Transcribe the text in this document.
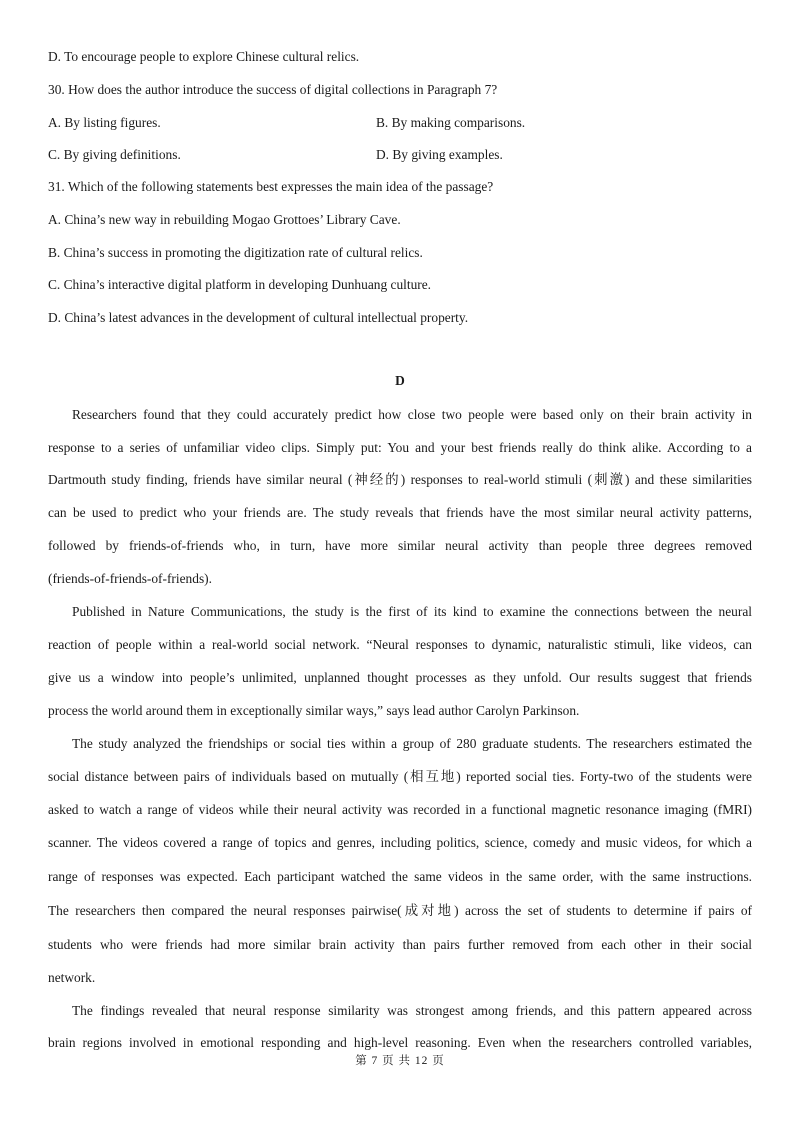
D. To encourage people to explore Chinese cultural relics.
30. How does the author introduce the success of digital collections in Paragraph 7?
A. By listing figures.	B. By making comparisons.
C. By giving definitions.	D. By giving examples.
31. Which of the following statements best expresses the main idea of the passage?
A. China’s new way in rebuilding Mogao Grottoes’ Library Cave.
B. China’s success in promoting the digitization rate of cultural relics.
C. China’s interactive digital platform in developing Dunhuang culture.
D. China’s latest advances in the development of cultural intellectual property.
D
Researchers found that they could accurately predict how close two people were based only on their brain activity in
response to a series of unfamiliar video clips. Simply put: You and your best friends really do think alike. According to a
Dartmouth study finding, friends have similar neural (神经的) responses to real-world stimuli (刺激) and these similarities
can be used to predict who your friends are. The study reveals that friends have the most similar neural activity patterns,
followed by friends-of-friends who, in turn, have more similar neural activity than people three degrees removed
(friends-of-friends-of-friends).
Published in Nature Communications, the study is the first of its kind to examine the connections between the neural
reaction of people within a real-world social network. “Neural responses to dynamic, naturalistic stimuli, like videos, can
give us a window into people’s unlimited, unplanned thought processes as they unfold. Our results suggest that friends
process the world around them in exceptionally similar ways,” says lead author Carolyn Parkinson.
The study analyzed the friendships or social ties within a group of 280 graduate students. The researchers estimated the
social distance between pairs of individuals based on mutually (相互地) reported social ties. Forty-two of the students were
asked to watch a range of videos while their neural activity was recorded in a functional magnetic resonance imaging (fMRI)
scanner. The videos covered a range of topics and genres, including politics, science, comedy and music videos, for which a
range of responses was expected. Each participant watched the same videos in the same order, with the same instructions.
The researchers then compared the neural responses pairwise(成对地) across the set of students to determine if pairs of
students who were friends had more similar brain activity than pairs further removed from each other in their social
network.
The findings revealed that neural response similarity was strongest among friends, and this pattern appeared across
brain regions involved in emotional responding and high-level reasoning. Even when the researchers controlled variables,
第 7 页 共 12 页
